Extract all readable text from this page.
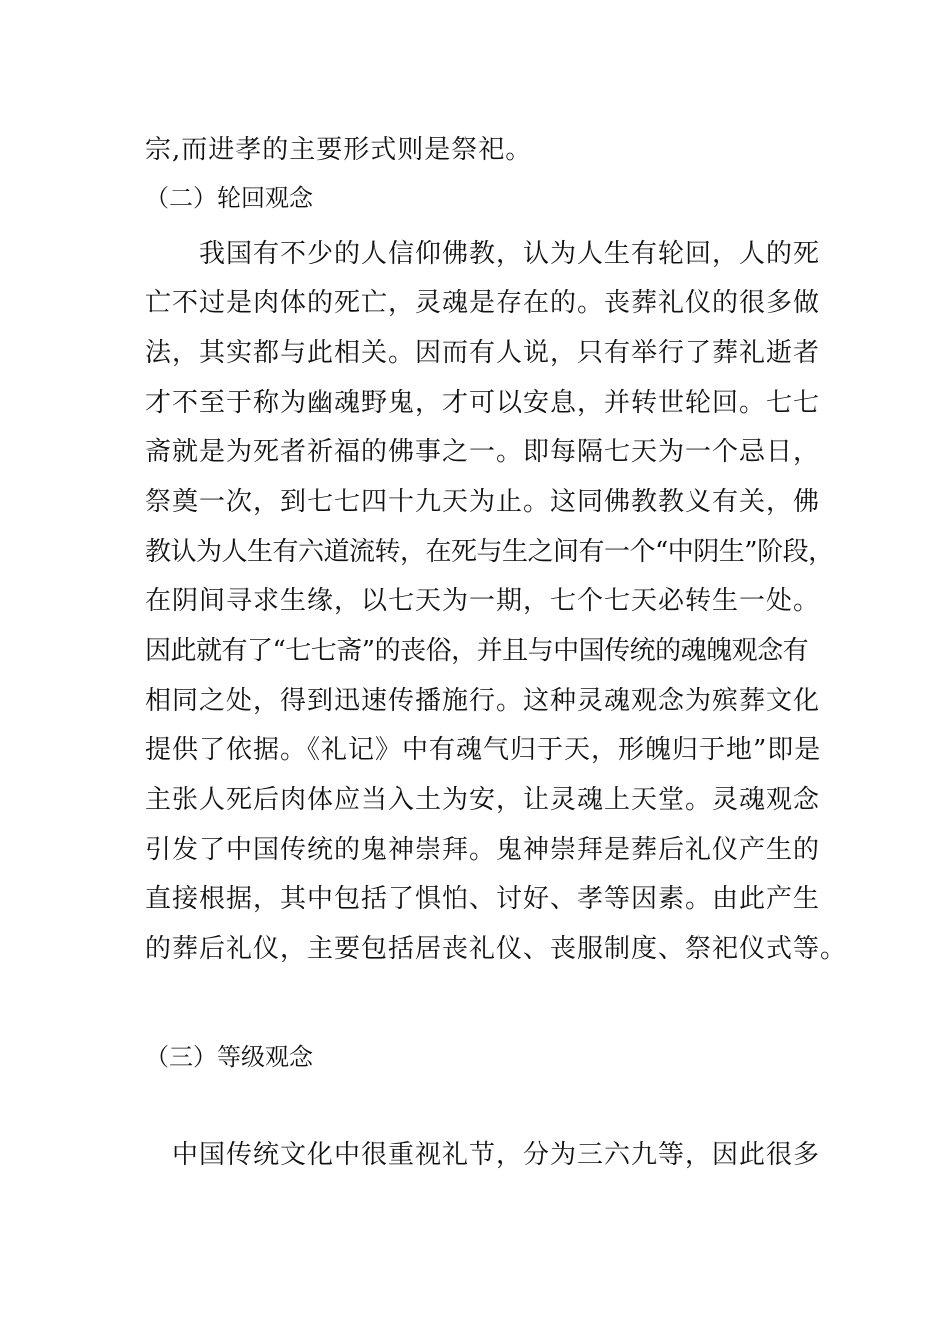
宗,而进孝的主要形式则是祭祀。
（二）轮回观念
我国有不少的人信仰佛教，认为人生有轮回，人的死
亡不过是肉体的死亡，灵魂是存在的。丧葬礼仪的很多做
法，其实都与此相关。因而有人说，只有举行了葬礼逝者
才不至于称为幽魂野鬼，才可以安息，并转世轮回。七七
斋就是为死者祈福的佛事之一。即每隔七天为一个忌日，
祭奠一次，到七七四十九天为止。这同佛教教义有关，佛
教认为人生有六道流转，在死与生之间有一个“中阴生”阶段，
在阴间寻求生缘，以七天为一期，七个七天必转生一处。
因此就有了“七七斋”的丧俗，并且与中国传统的魂魄观念有
相同之处，得到迅速传播施行。这种灵魂观念为殡葬文化
提供了依据。《礼记》中有魂气归于天，形魄归于地”即是
主张人死后肉体应当入土为安，让灵魂上天堂。灵魂观念
引发了中国传统的鬼神崇拜。鬼神崇拜是葬后礼仪产生的
直接根据，其中包括了惧怕、讨好、孝等因素。由此产生
的葬后礼仪，主要包括居丧礼仪、丧服制度、祭祀仪式等。
（三）等级观念
中国传统文化中很重视礼节，分为三六九等，因此很多
